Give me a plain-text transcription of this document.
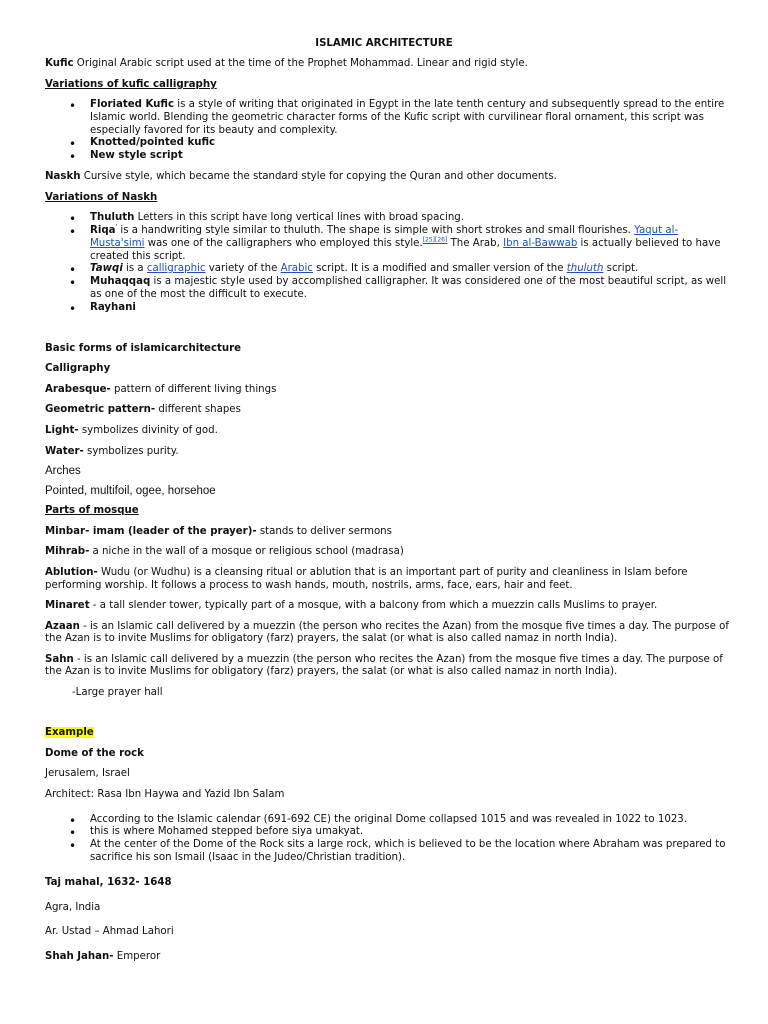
ISLAMIC ARCHITECTURE
Kufic Original Arabic script used at the time of the Prophet Mohammad. Linear and rigid style.
Variations of kufic calligraphy
• Floriated Kufic is a style of writing that originated in Egypt in the late tenth century and subsequently spread to the entire
Islamic world. Blending the geometric character forms of the Kufic script with curvilinear floral ornament, this script was
especially favored for its beauty and complexity.
• Knotted/pointed kufic
• New style script
Naskh Cursive style, which became the standard style for copying the Quran and other documents.
Variations of Naskh
• Thuluth Letters in this script have long vertical lines with broad spacing.
• Riqa' is a handwriting style similar to thuluth. The shape is simple with short strokes and small flourishes. Yaqut al-
Musta'simi was one of the calligraphers who employed this style.[25][26] The Arab, Ibn al-Bawwab is actually believed to have
created this script.
• Tawqi is a calligraphic variety of the Arabic script. It is a modified and smaller version of the thuluth script.
• Muhaqqaq is a majestic style used by accomplished calligrapher. It was considered one of the most beautiful script, as well
as one of the most the difficult to execute.
• Rayhani
Basic forms of islamicarchitecture
Calligraphy
Arabesque- pattern of different living things
Geometric pattern- different shapes
Light- symbolizes divinity of god.
Water- symbolizes purity.
Arches
Pointed, multifoil, ogee, horsehoe
Parts of mosque
Minbar- imam (leader of the prayer)- stands to deliver sermons
Mihrab- a niche in the wall of a mosque or religious school (madrasa)
Ablution- Wudu (or Wudhu) is a cleansing ritual or ablution that is an important part of purity and cleanliness in Islam before
performing worship. It follows a process to wash hands, mouth, nostrils, arms, face, ears, hair and feet.
Minaret - a tall slender tower, typically part of a mosque, with a balcony from which a muezzin calls Muslims to prayer.
Azaan - is an Islamic call delivered by a muezzin (the person who recites the Azan) from the mosque five times a day. The purpose of
the Azan is to invite Muslims for obligatory (farz) prayers, the salat (or what is also called namaz in north India).
Sahn - is an Islamic call delivered by a muezzin (the person who recites the Azan) from the mosque five times a day. The purpose of
the Azan is to invite Muslims for obligatory (farz) prayers, the salat (or what is also called namaz in north India).
-Large prayer hall
Example
Dome of the rock
Jerusalem, Israel
Architect: Rasa Ibn Haywa and Yazid Ibn Salam
• According to the Islamic calendar (691-692 CE) the original Dome collapsed 1015 and was revealed in 1022 to 1023.
• this is where Mohamed stepped before siya umakyat.
• At the center of the Dome of the Rock sits a large rock, which is believed to be the location where Abraham was prepared to
sacrifice his son Ismail (Isaac in the Judeo/Christian tradition).
Taj mahal, 1632- 1648
Agra, India
Ar. Ustad – Ahmad Lahori
Shah Jahan- Emperor
